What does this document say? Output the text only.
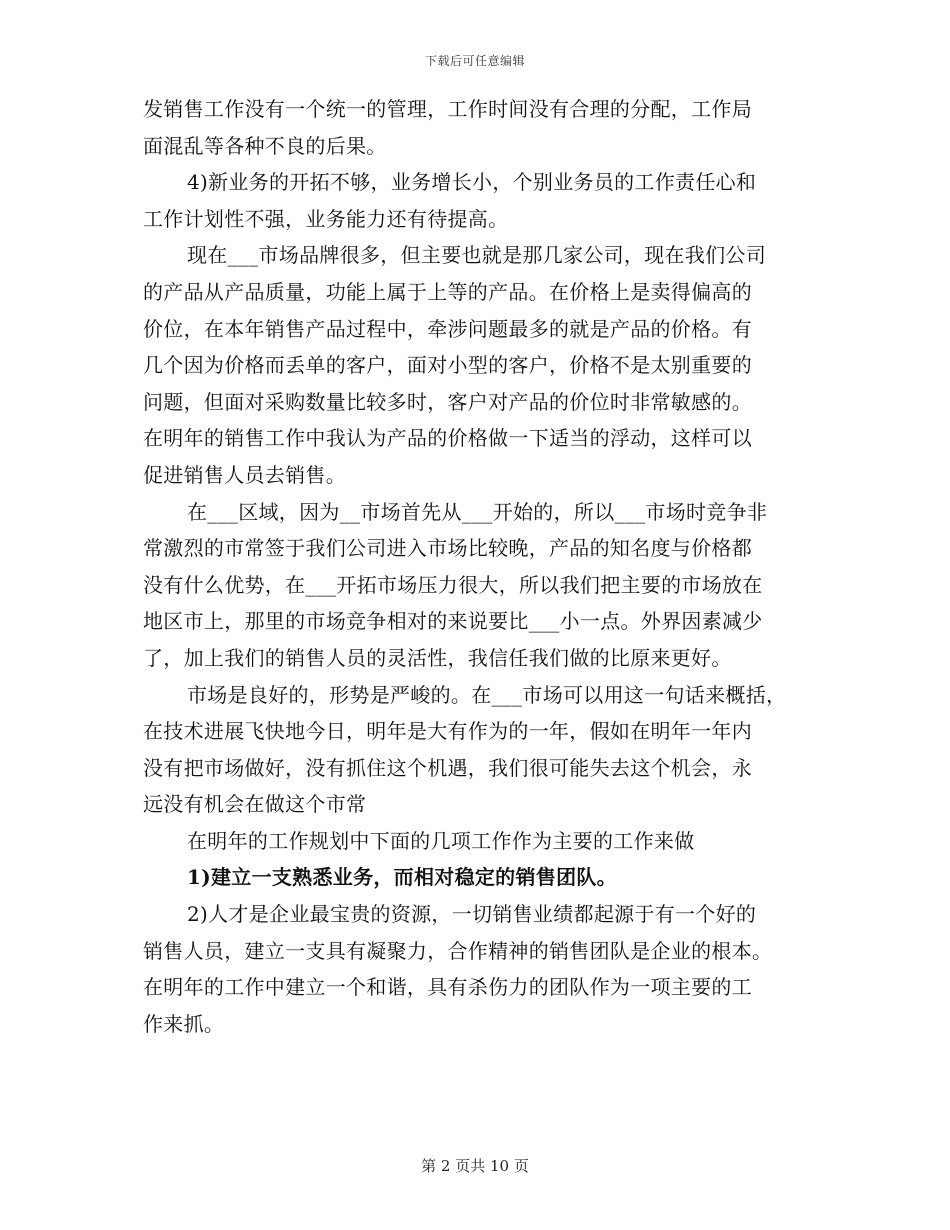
下载后可任意编辑
发销售工作没有一个统一的管理，工作时间没有合理的分配，工作局
面混乱等各种不良的后果。
4)新业务的开拓不够，业务增长小，个别业务员的工作责任心和
工作计划性不强，业务能力还有待提高。
现在___市场品牌很多，但主要也就是那几家公司，现在我们公司
的产品从产品质量，功能上属于上等的产品。在价格上是卖得偏高的
价位，在本年销售产品过程中，牵涉问题最多的就是产品的价格。有
几个因为价格而丢单的客户，面对小型的客户，价格不是太别重要的
问题，但面对采购数量比较多时，客户对产品的价位时非常敏感的。
在明年的销售工作中我认为产品的价格做一下适当的浮动，这样可以
促进销售人员去销售。
在___区域，因为__市场首先从___开始的，所以___市场时竞争非
常激烈的市常签于我们公司进入市场比较晚，产品的知名度与价格都
没有什么优势，在___开拓市场压力很大，所以我们把主要的市场放在
地区市上，那里的市场竞争相对的来说要比___小一点。外界因素减少
了，加上我们的销售人员的灵活性，我信任我们做的比原来更好。
市场是良好的，形势是严峻的。在___市场可以用这一句话来概括，
在技术进展飞快地今日，明年是大有作为的一年，假如在明年一年内
没有把市场做好，没有抓住这个机遇，我们很可能失去这个机会，永
远没有机会在做这个市常
在明年的工作规划中下面的几项工作作为主要的工作来做
1)建立一支熟悉业务，而相对稳定的销售团队。
2)人才是企业最宝贵的资源，一切销售业绩都起源于有一个好的
销售人员，建立一支具有凝聚力，合作精神的销售团队是企业的根本。
在明年的工作中建立一个和谐，具有杀伤力的团队作为一项主要的工
作来抓。
第 2 页共 10 页
